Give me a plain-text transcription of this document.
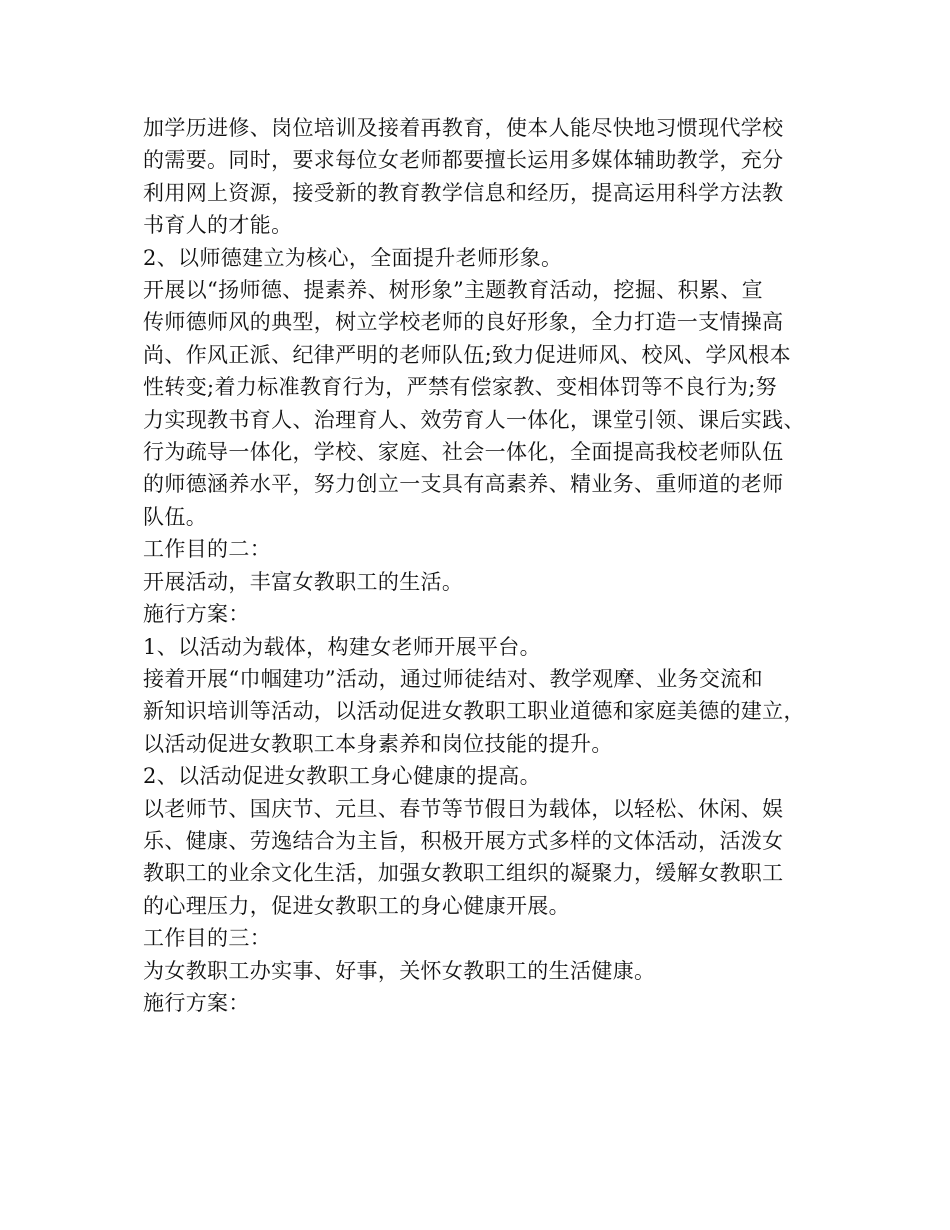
加学历进修、岗位培训及接着再教育，使本人能尽快地习惯现代学校
的需要。同时，要求每位女老师都要擅长运用多媒体辅助教学，充分
利用网上资源，接受新的教育教学信息和经历，提高运用科学方法教
书育人的才能。
2、以师德建立为核心，全面提升老师形象。
开展以“扬师德、提素养、树形象”主题教育活动，挖掘、积累、宣
传师德师风的典型，树立学校老师的良好形象，全力打造一支情操高
尚、作风正派、纪律严明的老师队伍;致力促进师风、校风、学风根本
性转变;着力标准教育行为，严禁有偿家教、变相体罚等不良行为;努
力实现教书育人、治理育人、效劳育人一体化，课堂引领、课后实践、
行为疏导一体化，学校、家庭、社会一体化，全面提高我校老师队伍
的师德涵养水平，努力创立一支具有高素养、精业务、重师道的老师
队伍。
工作目的二：
开展活动，丰富女教职工的生活。
施行方案：
1、以活动为载体，构建女老师开展平台。
接着开展“巾帼建功”活动，通过师徒结对、教学观摩、业务交流和
新知识培训等活动，以活动促进女教职工职业道德和家庭美德的建立，
以活动促进女教职工本身素养和岗位技能的提升。
2、以活动促进女教职工身心健康的提高。
以老师节、国庆节、元旦、春节等节假日为载体，以轻松、休闲、娱
乐、健康、劳逸结合为主旨，积极开展方式多样的文体活动，活泼女
教职工的业余文化生活，加强女教职工组织的凝聚力，缓解女教职工
的心理压力，促进女教职工的身心健康开展。
工作目的三：
为女教职工办实事、好事，关怀女教职工的生活健康。
施行方案：
